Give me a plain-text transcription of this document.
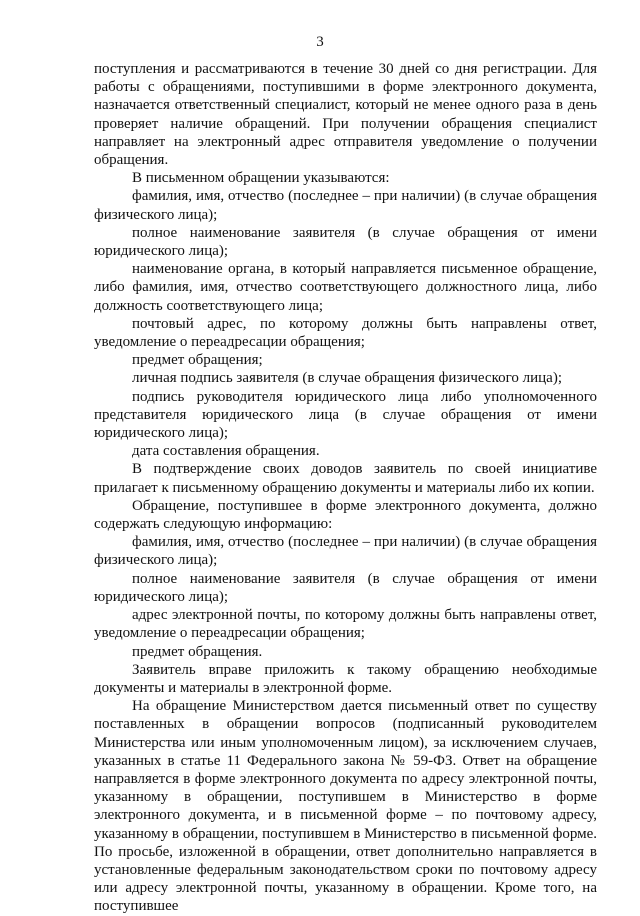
3

поступления и рассматриваются в течение 30 дней со дня регистрации. Для работы с обращениями, поступившими в форме электронного документа, назначается ответственный специалист, который не менее одного раза в день проверяет наличие обращений. При получении обращения специалист направляет на электронный адрес отправителя уведомление о получении обращения.

В письменном обращении указываются:

фамилия, имя, отчество (последнее – при наличии) (в случае обращения физического лица);

полное наименование заявителя (в случае обращения от имени юридического лица);

наименование органа, в который направляется письменное обращение, либо фамилия, имя, отчество соответствующего должностного лица, либо должность соответствующего лица;

почтовый адрес, по которому должны быть направлены ответ, уведомление о переадресации обращения;

предмет обращения;

личная подпись заявителя (в случае обращения физического лица);

подпись руководителя юридического лица либо уполномоченного представителя юридического лица (в случае обращения от имени юридического лица);

дата составления обращения.

В подтверждение своих доводов заявитель по своей инициативе прилагает к письменному обращению документы и материалы либо их копии.

Обращение, поступившее в форме электронного документа, должно содержать следующую информацию:

фамилия, имя, отчество (последнее – при наличии) (в случае обращения физического лица);

полное наименование заявителя (в случае обращения от имени юридического лица);

адрес электронной почты, по которому должны быть направлены ответ, уведомление о переадресации обращения;

предмет обращения.

Заявитель вправе приложить к такому обращению необходимые документы и материалы в электронной форме.

На обращение Министерством дается письменный ответ по существу поставленных в обращении вопросов (подписанный руководителем Министерства или иным уполномоченным лицом), за исключением случаев, указанных в статье 11 Федерального закона № 59-ФЗ. Ответ на обращение направляется в форме электронного документа по адресу электронной почты, указанному в обращении, поступившем в Министерство в форме электронного документа, и в письменной форме – по почтовому адресу, указанному в обращении, поступившем в Министерство в письменной форме. По просьбе, изложенной в обращении, ответ дополнительно направляется в установленные федеральным законодательством сроки по почтовому адресу или адресу электронной почты, указанному в обращении. Кроме того, на поступившее
